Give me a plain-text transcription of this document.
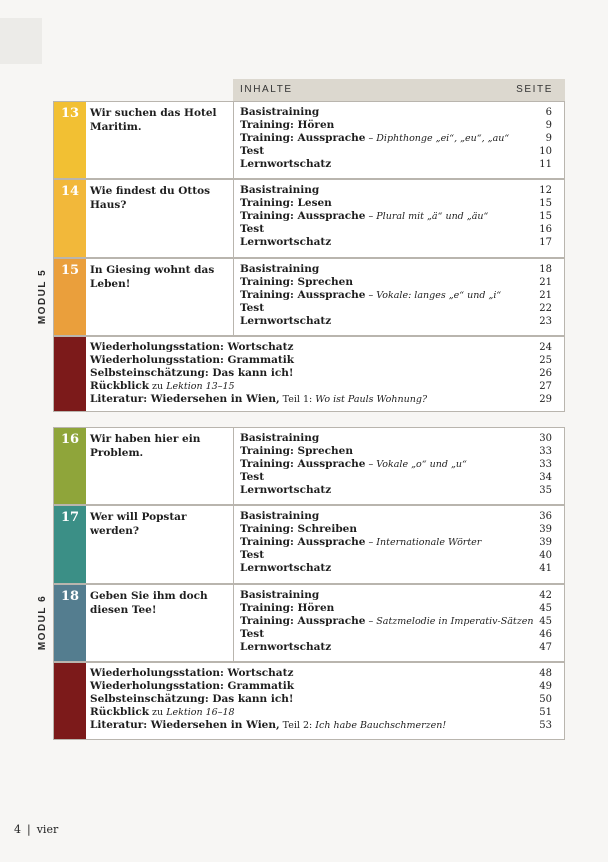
INHALTE	SEITE
MODUL 5
13	Wir suchen das Hotel Maritim.
Basistraining	6
Training: Hören	9
Training: Aussprache – Diphthonge „ei“, „eu“, „au“	9
Test	10
Lernwortschatz	11
14	Wie findest du Ottos Haus?
Basistraining	12
Training: Lesen	15
Training: Aussprache – Plural mit „ä“ und „äu“	15
Test	16
Lernwortschatz	17
15	In Giesing wohnt das Leben!
Basistraining	18
Training: Sprechen	21
Training: Aussprache – Vokale: langes „e“ und „i“	21
Test	22
Lernwortschatz	23
Wiederholungsstation: Wortschatz	24
Wiederholungsstation: Grammatik	25
Selbsteinschätzung: Das kann ich!	26
Rückblick zu Lektion 13–15	27
Literatur: Wiedersehen in Wien, Teil 1: Wo ist Pauls Wohnung?	29
MODUL 6
16	Wir haben hier ein Problem.
Basistraining	30
Training: Sprechen	33
Training: Aussprache – Vokale „o“ und „u“	33
Test	34
Lernwortschatz	35
17	Wer will Popstar werden?
Basistraining	36
Training: Schreiben	39
Training: Aussprache – Internationale Wörter	39
Test	40
Lernwortschatz	41
18	Geben Sie ihm doch diesen Tee!
Basistraining	42
Training: Hören	45
Training: Aussprache – Satzmelodie in Imperativ-Sätzen 45
Test	46
Lernwortschatz	47
Wiederholungsstation: Wortschatz	48
Wiederholungsstation: Grammatik	49
Selbsteinschätzung: Das kann ich!	50
Rückblick zu Lektion 16–18	51
Literatur: Wiedersehen in Wien, Teil 2: Ich habe Bauchschmerzen!	53
4 | vier
